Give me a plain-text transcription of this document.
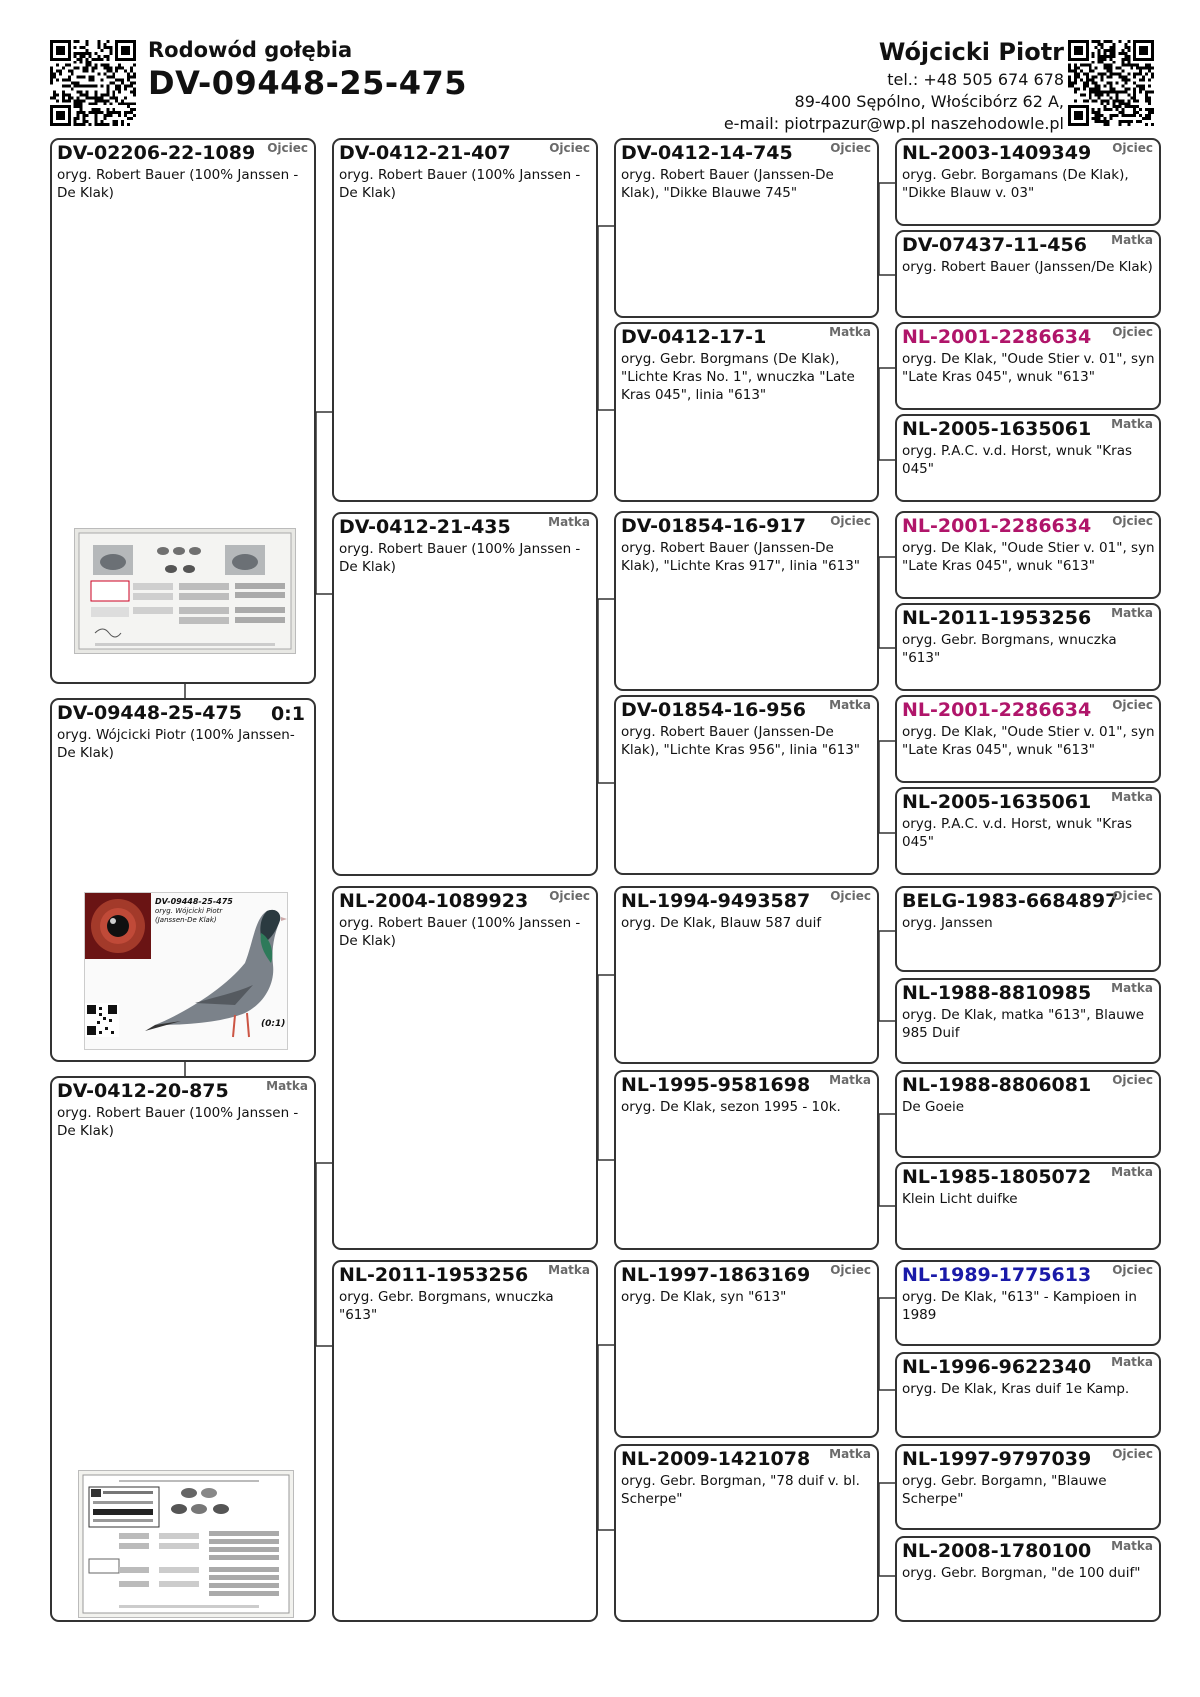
Rodowód gołębia
DV-09448-25-475
Wójcicki Piotr
tel.: +48 505 674 678
89-400 Sępólno, Włościbórz 62 A,
e-mail: piotrpazur@wp.pl naszehodowle.pl
DV-02206-22-1089 Ojciec
oryg. Robert Bauer (100% Janssen - De Klak)
DV-09448-25-475 0:1
oryg. Wójcicki Piotr (100% Janssen-De Klak)
DV-09448-25-475
oryg. Wójcicki Piotr
(Janssen-De Klak)
(0:1)
DV-0412-20-875	Matka
oryg. Robert Bauer (100% Janssen - De Klak)
DV-0412-21-407	Ojciec
oryg. Robert Bauer (100% Janssen - De Klak)
DV-0412-21-435	Matka
oryg. Robert Bauer (100% Janssen - De Klak)
NL-2004-1089923 Ojciec
oryg. Robert Bauer (100% Janssen - De Klak)
NL-2011-1953256 Matka
oryg. Gebr. Borgmans, wnuczka "613"
DV-0412-14-745	Ojciec
oryg. Robert Bauer (Janssen-De Klak), "Dikke Blauwe 745"
DV-0412-17-1	Matka
oryg. Gebr. Borgmans (De Klak), "Lichte Kras No. 1", wnuczka "Late Kras 045", linia "613"
DV-01854-16-917 Ojciec
oryg. Robert Bauer (Janssen-De Klak), "Lichte Kras 917", linia "613"
DV-01854-16-956 Matka
oryg. Robert Bauer (Janssen-De Klak), "Lichte Kras 956", linia "613"
NL-1994-9493587 Ojciec
oryg. De Klak, Blauw 587 duif
NL-1995-9581698 Matka
oryg. De Klak, sezon 1995 - 10k.
NL-1997-1863169 Ojciec
oryg. De Klak, syn "613"
NL-2009-1421078 Matka
oryg. Gebr. Borgman, "78 duif v. bl. Scherpe"
NL-2003-1409349 Ojciec
oryg. Gebr. Borgamans (De Klak), "Dikke Blauw v. 03"
DV-07437-11-456 Matka
oryg. Robert Bauer (Janssen/De Klak)
NL-2001-2286634 Ojciec
oryg. De Klak, "Oude Stier v. 01", syn "Late Kras 045", wnuk "613"
NL-2005-1635061 Matka
oryg. P.A.C. v.d. Horst, wnuk "Kras 045"
NL-2001-2286634 Ojciec
oryg. De Klak, "Oude Stier v. 01", syn "Late Kras 045", wnuk "613"
NL-2011-1953256 Matka
oryg. Gebr. Borgmans, wnuczka "613"
NL-2001-2286634 Ojciec
oryg. De Klak, "Oude Stier v. 01", syn "Late Kras 045", wnuk "613"
NL-2005-1635061 Matka
oryg. P.A.C. v.d. Horst, wnuk "Kras 045"
BELG-1983-6684897
Ojciec
oryg. Janssen
NL-1988-8810985 Matka
oryg. De Klak, matka "613", Blauwe 985 Duif
NL-1988-8806081 Ojciec
De Goeie
NL-1985-1805072 Matka
Klein Licht duifke
NL-1989-1775613 Ojciec
oryg. De Klak, "613" - Kampioen in 1989
NL-1996-9622340 Matka
oryg. De Klak, Kras duif 1e Kamp.
NL-1997-9797039 Ojciec
oryg. Gebr. Borgamn, "Blauwe Scherpe"
NL-2008-1780100 Matka
oryg. Gebr. Borgman, "de 100 duif"
